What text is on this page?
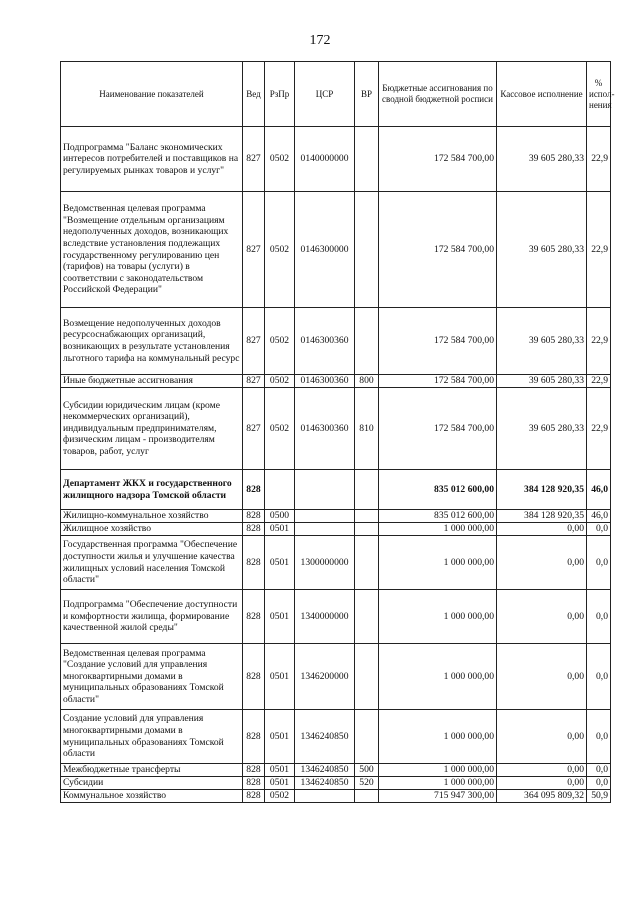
172
Наименование показателей	Вед	РзПр	ЦСР	ВР	Бюджетные ассигнования по сводной бюджетной росписи	Кассовое исполнение	% испол-нения
Подпрограмма "Баланс экономических интересов потребителей и поставщиков на регулируемых рынках товаров и услуг"	827	0502	0140000000		172 584 700,00	39 605 280,33	22,9
Ведомственная целевая программа "Возмещение отдельным организациям недополученных доходов, возникающих вследствие установления подлежащих государственному регулированию цен (тарифов) на товары (услуги) в соответствии с законодательством Российской Федерации"	827	0502	0146300000		172 584 700,00	39 605 280,33	22,9
Возмещение недополученных доходов ресурсоснабжающих организаций, возникающих в результате установления льготного тарифа на коммунальный ресурс	827	0502	0146300360		172 584 700,00	39 605 280,33	22,9
Иные бюджетные ассигнования	827	0502	0146300360	800	172 584 700,00	39 605 280,33	22,9
Субсидии юридическим лицам (кроме некоммерческих организаций), индивидуальным предпринимателям, физическим лицам - производителям товаров, работ, услуг	827	0502	0146300360	810	172 584 700,00	39 605 280,33	22,9
Департамент ЖКХ и государственного жилищного надзора Томской области	828				835 012 600,00	384 128 920,35	46,0
Жилищно-коммунальное хозяйство	828	0500			835 012 600,00	384 128 920,35	46,0
Жилищное хозяйство	828	0501			1 000 000,00	0,00	0,0
Государственная программа "Обеспечение доступности жилья и улучшение качества жилищных условий населения Томской области"	828	0501	1300000000		1 000 000,00	0,00	0,0
Подпрограмма "Обеспечение доступности и комфортности жилища, формирование качественной жилой среды"	828	0501	1340000000		1 000 000,00	0,00	0,0
Ведомственная целевая программа "Создание условий для управления многоквартирными домами в муниципальных образованиях Томской области"	828	0501	1346200000		1 000 000,00	0,00	0,0
Создание условий для управления многоквартирными домами в муниципальных образованиях Томской области	828	0501	1346240850		1 000 000,00	0,00	0,0
Межбюджетные трансферты	828	0501	1346240850	500	1 000 000,00	0,00	0,0
Субсидии	828	0501	1346240850	520	1 000 000,00	0,00	0,0
Коммунальное хозяйство	828	0502			715 947 300,00	364 095 809,32	50,9
